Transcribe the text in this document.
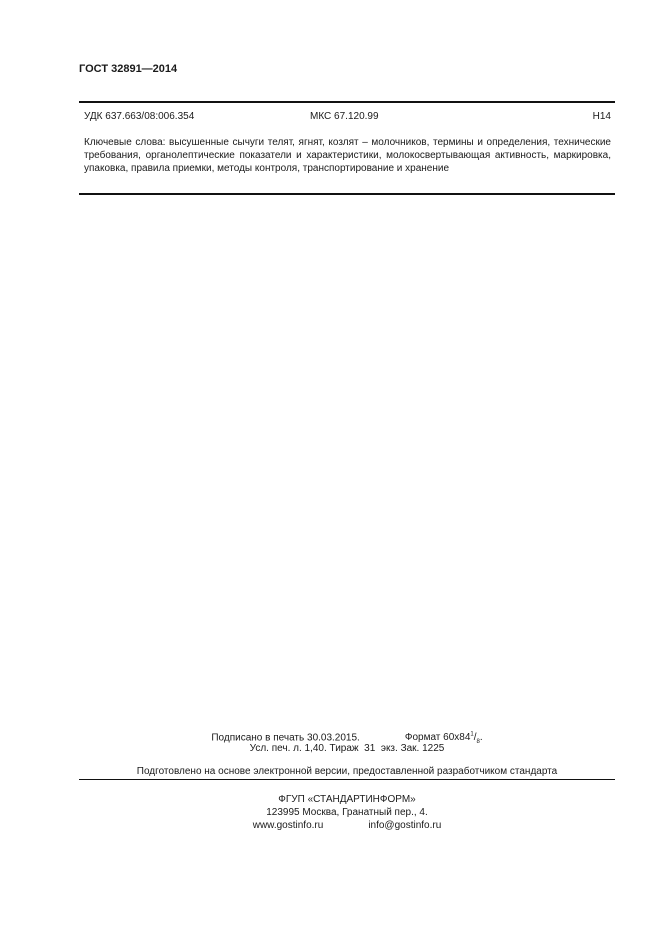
ГОСТ 32891—2014
УДК 637.663/08:006.354	МКС 67.120.99	Н14
Ключевые слова: высушенные сычуги телят, ягнят, козлят – молочников, термины и определения, технические требования, органолептические показатели и характеристики, молокосвертывающая активность, маркировка, упаковка, правила приемки, методы контроля, транспортирование и хранение
Подписано в печать 30.03.2015.	Формат $60x84^1/_8$.
Усл. печ. л. 1,40. Тираж  31  экз. Зак. 1225
Подготовлено на основе электронной версии, предоставленной разработчиком стандарта
ФГУП «СТАНДАРТИНФОРМ»
123995 Москва, Гранатный пер., 4.
www.gostinfo.ru	info@gostinfo.ru
